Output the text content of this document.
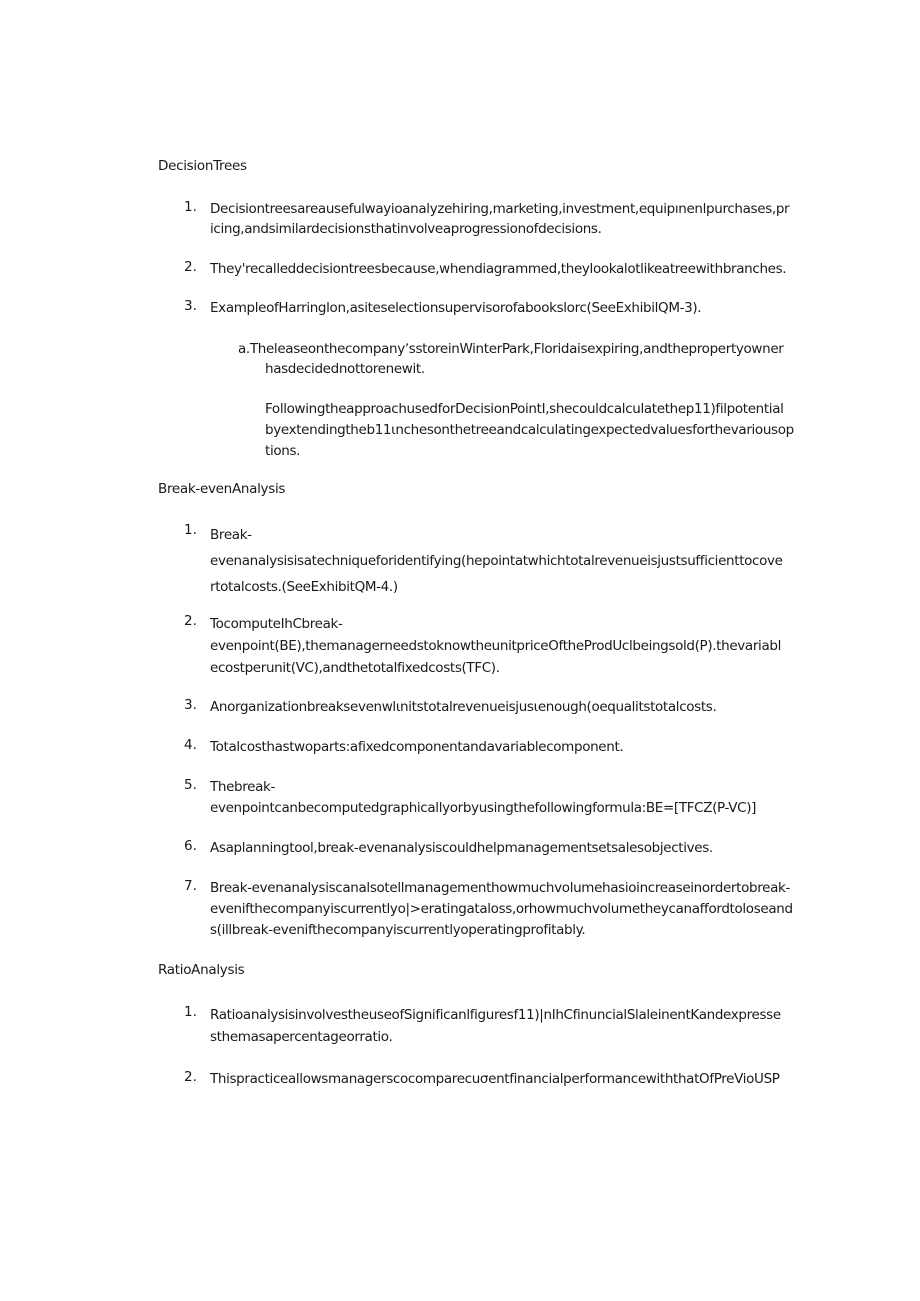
DecisionTrees
1. Decisiontreesareausefulwayioanalyzehiring,marketing,investment,equipınenlpurchases,pr
icing,andsimilardecisionsthatinvolveaprogressionofdecisions.
2. They'recalleddecisiontreesbecause,whendiagrammed,theylookalotlikeatreewithbranches.
3. ExampleofHarringlon,asiteselectionsupervisorofabookslorc(SeeExhibilQM-3).
a.TheleaseonthecompanyʼsstoreinWinterPark,Floridaisexpiring,andthepropertyowner
hasdecidednottorenewit.
FollowingtheapproachusedforDecisionPointI,shecouldcalculatethep11)filpotential
byextendingtheb11ιnchesonthetreeandcalculatingexpectedvaluesforthevariousop
tions.
Break-evenAnalysis
1. Break-
evenanalysisisatechniqueforidentifying(hepointatwhichtotalrevenueisjustsufficienttocove
rtotalcosts.(SeeExhibitQM-4.)
2. TocomputeIhCbreak-
evenpoint(BE),themanagerneedstoknowtheunitpriceOftheProdUclbeingsold(P).thevariabl
ecostperunit(VC),andthetotalfixedcosts(TFC).
3. Anorganizationbreaksevenwlιnitstotalrevenueisjusιenough(oequalitstotalcosts.
4. Totalcosthastwoparts:afixedcomponentandavariablecomponent.
5. Thebreak-
evenpointcanbecomputedgraphicallyorbyusingthefollowingformula:BE=[TFCZ(P-VC)]
6. Asaplanningtool,break-evenanalysiscouldhelpmanagementsetsalesobjectives.
7. Break-evenanalysiscanalsotellmanagementhowmuchvolumehasioincreaseinordertobreak-
evenifthecompanyiscurrentlyo|>eratingataloss,orhowmuchvolumetheycanaffordtoloseand
s(illbreak-evenifthecompanyiscurrentlyoperatingprofitably.
RatioAnalysis
1. RatioanalysisinvolvestheuseofSignificanlfiguresf11)|nIhCfinuncialSlaleinentKandexpresse
sthemasapercentageorratio.
2. ThispracticeallowsmanagerscocomparecuσentfinancialperformancewiththatOfPreVioUSP
